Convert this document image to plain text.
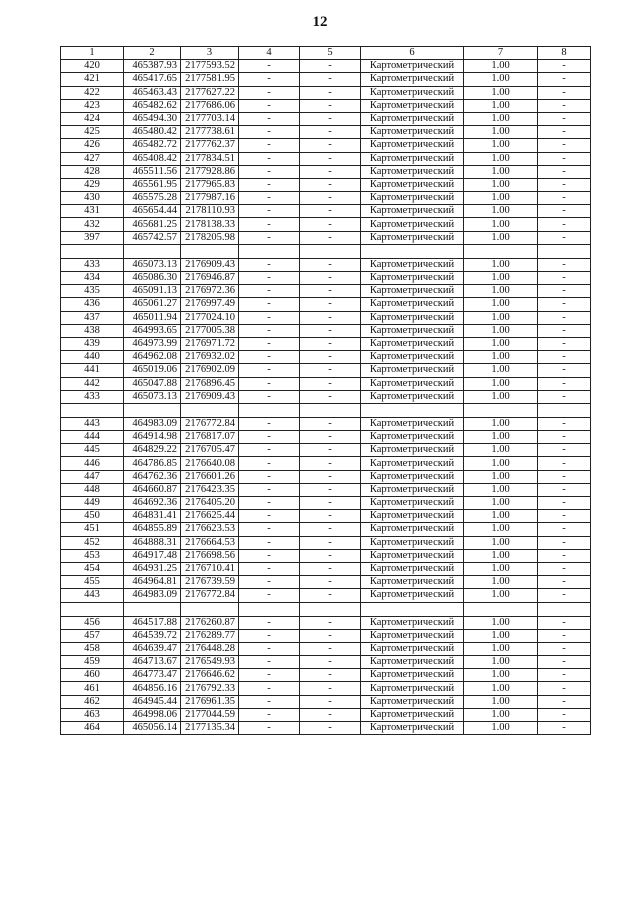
12
1	2	3	4	5	6	7	8
420	465387.93	2177593.52	-	-	Картометрический	1.00	-
421	465417.65	2177581.95	-	-	Картометрический	1.00	-
422	465463.43	2177627.22	-	-	Картометрический	1.00	-
423	465482.62	2177686.06	-	-	Картометрический	1.00	-
424	465494.30	2177703.14	-	-	Картометрический	1.00	-
425	465480.42	2177738.61	-	-	Картометрический	1.00	-
426	465482.72	2177762.37	-	-	Картометрический	1.00	-
427	465408.42	2177834.51	-	-	Картометрический	1.00	-
428	465511.56	2177928.86	-	-	Картометрический	1.00	-
429	465561.95	2177965.83	-	-	Картометрический	1.00	-
430	465575.28	2177987.16	-	-	Картометрический	1.00	-
431	465654.44	2178110.93	-	-	Картометрический	1.00	-
432	465681.25	2178138.33	-	-	Картометрический	1.00	-
397	465742.57	2178205.98	-	-	Картометрический	1.00	-

433	465073.13	2176909.43	-	-	Картометрический	1.00	-
434	465086.30	2176946.87	-	-	Картометрический	1.00	-
435	465091.13	2176972.36	-	-	Картометрический	1.00	-
436	465061.27	2176997.49	-	-	Картометрический	1.00	-
437	465011.94	2177024.10	-	-	Картометрический	1.00	-
438	464993.65	2177005.38	-	-	Картометрический	1.00	-
439	464973.99	2176971.72	-	-	Картометрический	1.00	-
440	464962.08	2176932.02	-	-	Картометрический	1.00	-
441	465019.06	2176902.09	-	-	Картометрический	1.00	-
442	465047.88	2176896.45	-	-	Картометрический	1.00	-
433	465073.13	2176909.43	-	-	Картометрический	1.00	-

443	464983.09	2176772.84	-	-	Картометрический	1.00	-
444	464914.98	2176817.07	-	-	Картометрический	1.00	-
445	464829.22	2176705.47	-	-	Картометрический	1.00	-
446	464786.85	2176640.08	-	-	Картометрический	1.00	-
447	464762.36	2176601.26	-	-	Картометрический	1.00	-
448	464660.87	2176423.35	-	-	Картометрический	1.00	-
449	464692.36	2176405.20	-	-	Картометрический	1.00	-
450	464831.41	2176625.44	-	-	Картометрический	1.00	-
451	464855.89	2176623.53	-	-	Картометрический	1.00	-
452	464888.31	2176664.53	-	-	Картометрический	1.00	-
453	464917.48	2176698.56	-	-	Картометрический	1.00	-
454	464931.25	2176710.41	-	-	Картометрический	1.00	-
455	464964.81	2176739.59	-	-	Картометрический	1.00	-
443	464983.09	2176772.84	-	-	Картометрический	1.00	-

456	464517.88	2176260.87	-	-	Картометрический	1.00	-
457	464539.72	2176289.77	-	-	Картометрический	1.00	-
458	464639.47	2176448.28	-	-	Картометрический	1.00	-
459	464713.67	2176549.93	-	-	Картометрический	1.00	-
460	464773.47	2176646.62	-	-	Картометрический	1.00	-
461	464856.16	2176792.33	-	-	Картометрический	1.00	-
462	464945.44	2176961.35	-	-	Картометрический	1.00	-
463	464998.06	2177044.59	-	-	Картометрический	1.00	-
464	465056.14	2177135.34	-	-	Картометрический	1.00	-
